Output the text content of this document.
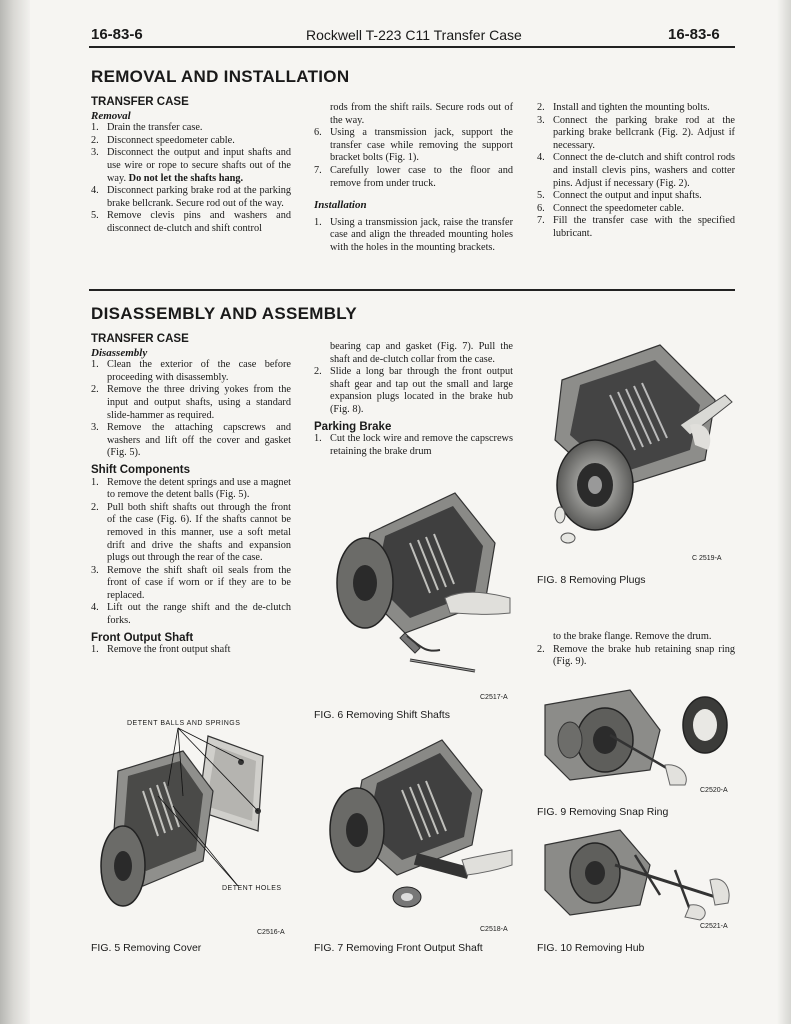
16-83-6	Rockwell T-223 C11 Transfer Case	16-83-6
REMOVAL AND INSTALLATION
TRANSFER CASE
Removal
1. Drain the transfer case.
2. Disconnect speedometer cable.
3. Disconnect the output and input shafts and use wire or rope to secure shafts out of the way. Do not let the shafts hang.
4. Disconnect parking brake rod at the parking brake bellcrank. Secure rod out of the way.
5. Remove clevis pins and washers and disconnect de-clutch and shift control

rods from the shift rails. Secure rods out of the way.

6. Using a transmission jack, support the transfer case while removing the support bracket bolts (Fig. 1).
7. Carefully lower case to the floor and remove from under truck.
Installation
1. Using a transmission jack, raise the transfer case and align the threaded mounting holes with the holes in the mounting brackets.
2. Install and tighten the mounting bolts.
3. Connect the parking brake rod at the parking brake bellcrank (Fig. 2). Adjust if necessary.
4. Connect the de-clutch and shift control rods and install clevis pins, washers and cotter pins. Adjust if necessary (Fig. 2).
5. Connect the output and input shafts.
6. Connect the speedometer cable.
7. Fill the transfer case with the specified lubricant.
DISASSEMBLY AND ASSEMBLY
TRANSFER CASE
Disassembly
1. Clean the exterior of the case before proceeding with disassembly.
2. Remove the three driving yokes from the input and output shafts, using a standard slide-hammer as required.
3. Remove the attaching capscrews and washers and lift off the cover and gasket (Fig. 5).
Shift Components
1. Remove the detent springs and use a magnet to remove the detent balls (Fig. 5).
2. Pull both shift shafts out through the front of the case (Fig. 6). If the shafts cannot be removed in this manner, use a soft metal drift and drive the shafts and expansion plugs out through the rear of the case.
3. Remove the shift shaft oil seals from the front of case if worn or if they are to be replaced.
4. Lift out the range shift and the de-clutch forks.
Front Output Shaft
1. Remove the front output shaft

bearing cap and gasket (Fig. 7). Pull the shaft and de-clutch collar from the case.

2. Slide a long bar through the front output shaft gear and tap out the small and large expansion plugs located in the brake hub (Fig. 8).
Parking Brake
1. Cut the lock wire and remove the capscrews retaining the brake drum

to the brake flange. Remove the drum.

2. Remove the brake hub retaining snap ring (Fig. 9).
C 2519-A
FIG. 8 Removing Plugs
C2517-A
FIG. 6 Removing Shift Shafts
C2520-A
FIG. 9 Removing Snap Ring
DETENT BALLS AND SPRINGS
DETENT HOLES
C2516-A
FIG. 5 Removing Cover
C2518-A
FIG. 7 Removing Front Output Shaft
C2521-A
FIG. 10 Removing Hub
